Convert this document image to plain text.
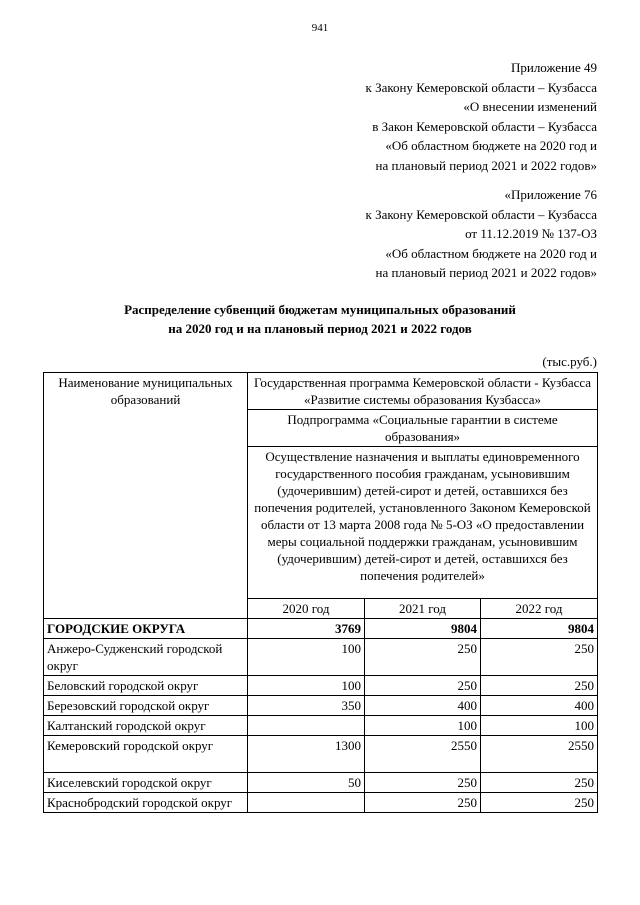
941
Приложение 49
к Закону Кемеровской области – Кузбасса
«О внесении изменений
в Закон Кемеровской области – Кузбасса
«Об областном бюджете на 2020 год и
на плановый период 2021 и 2022 годов»
«Приложение 76
к Закону Кемеровской области – Кузбасса
от 11.12.2019 № 137-ОЗ
«Об областном бюджете на 2020 год и
на плановый период 2021 и 2022 годов»
Распределение субвенций бюджетам муниципальных образований
на 2020 год и на плановый период 2021 и 2022 годов
(тыс.руб.)
Наименование муниципальных образований	Государственная программа Кемеровской области - Кузбасса «Развитие системы образования Кузбасса»		
	Подпрограмма «Социальные гарантии в системе образования»		
	Осуществление назначения и выплаты единовременного государственного пособия гражданам, усыновившим (удочерившим) детей-сирот и детей, оставшихся без попечения родителей, установленного Законом Кемеровской области от 13 марта 2008 года № 5-ОЗ «О предоставлении меры социальной поддержки гражданам, усыновившим (удочерившим) детей-сирот и детей, оставшихся без попечения родителей»		
	2020 год	2021 год	2022 год
ГОРОДСКИЕ ОКРУГА	3769	9804	9804
Анжеро-Судженский городской округ	100	250	250
Беловский городской округ	100	250	250
Березовский городской округ	350	400	400
Калтанский городской округ		100	100
Кемеровский городской округ	1300	2550	2550
Киселевский городской округ	50	250	250
Краснобродский городской округ		250	250
